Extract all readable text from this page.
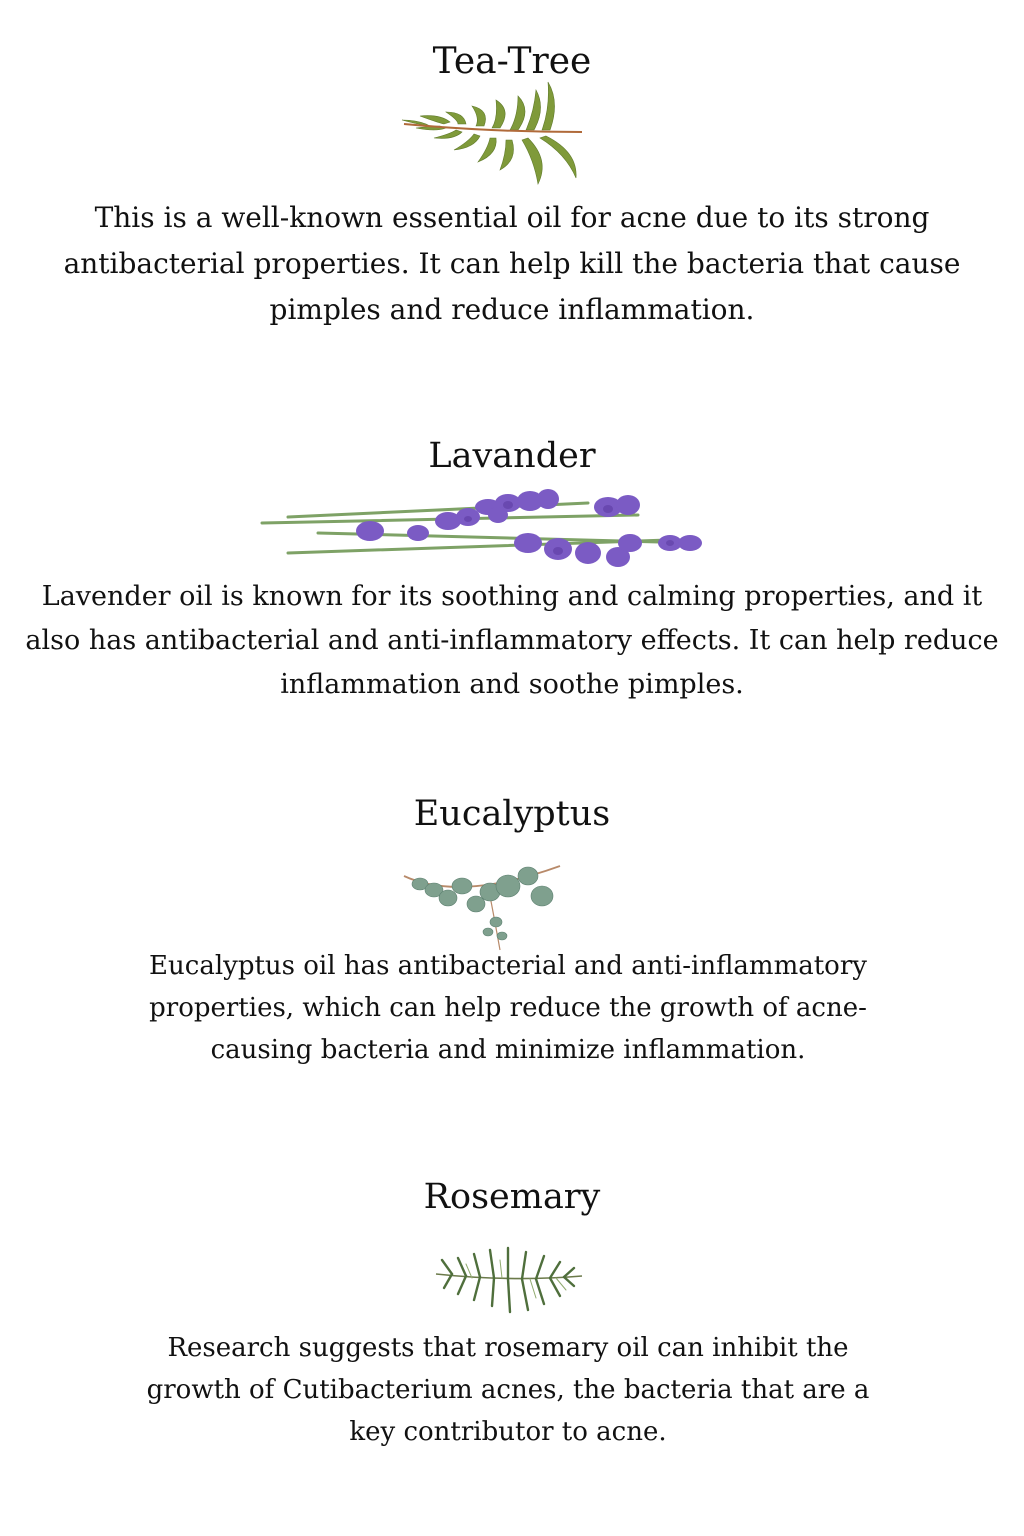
Tea-Tree

This is a well-known essential oil for acne due to its strong antibacterial properties. It can help kill the bacteria that cause pimples and reduce inflammation.

Lavander

Lavender oil is known for its soothing and calming properties, and it also has antibacterial and anti-inflammatory effects. It can help reduce inflammation and soothe pimples.

Eucalyptus

Eucalyptus oil has antibacterial and anti-inflammatory properties, which can help reduce the growth of acne-causing bacteria and minimize inflammation.

Rosemary

Research suggests that rosemary oil can inhibit the growth of Cutibacterium acnes, the bacteria that are a key contributor to acne.
